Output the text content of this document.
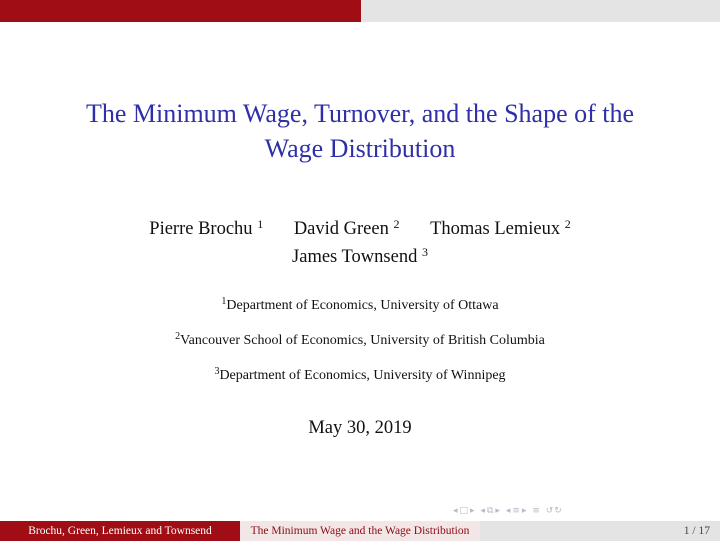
The Minimum Wage, Turnover, and the Shape of the
Wage Distribution
Pierre Brochu $^1$ David Green $^2$ Thomas Lemieux $^2$
James Townsend $^3$
$^1$Department of Economics, University of Ottawa
$^2$Vancouver School of Economics, University of British Columbia
$^3$Department of Economics, University of Winnipeg
May 30, 2019
◂□▸ ◂⧉▸ ◂≡▸ ≡ ↺↻
Brochu, Green, Lemieux and Townsend	The Minimum Wage and the Wage Distribution	1 / 17
